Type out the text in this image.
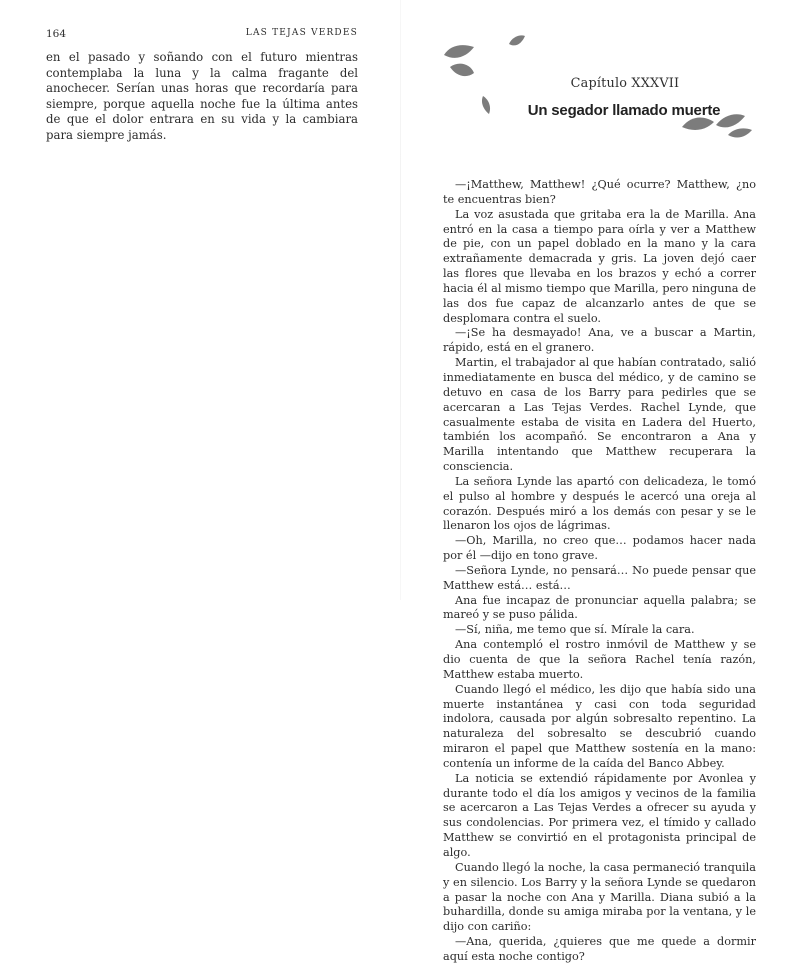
164	LAS TEJAS VERDES

en el pasado y soñando con el futuro mientras contemplaba la luna y la calma fragante del anochecer. Serían unas horas que recordaría para siempre, porque aquella noche fue la última antes de que el dolor entrara en su vida y la cambiara para siempre jamás.

Capítulo XXXVII
Un segador llamado muerte

—¡Matthew, Matthew! ¿Qué ocurre? Matthew, ¿no te encuentras bien?

La voz asustada que gritaba era la de Marilla. Ana entró en la casa a tiempo para oírla y ver a Matthew de pie, con un papel doblado en la mano y la cara extrañamente demacrada y gris. La joven dejó caer las flores que llevaba en los brazos y echó a correr hacia él al mismo tiempo que Marilla, pero ninguna de las dos fue capaz de alcanzarlo antes de que se desplomara contra el suelo.

—¡Se ha desmayado! Ana, ve a buscar a Martin, rápido, está en el granero.

Martin, el trabajador al que habían contratado, salió inmediatamente en busca del médico, y de camino se detuvo en casa de los Barry para pedirles que se acercaran a Las Tejas Verdes. Rachel Lynde, que casualmente estaba de visita en Ladera del Huerto, también los acompañó. Se encontraron a Ana y Marilla intentando que Matthew recuperara la consciencia.

La señora Lynde las apartó con delicadeza, le tomó el pulso al hombre y después le acercó una oreja al corazón. Después miró a los demás con pesar y se le llenaron los ojos de lágrimas.

—Oh, Marilla, no creo que… podamos hacer nada por él —dijo en tono grave.

—Señora Lynde, no pensará… No puede pensar que Matthew está… está…

Ana fue incapaz de pronunciar aquella palabra; se mareó y se puso pálida.

—Sí, niña, me temo que sí. Mírale la cara.

Ana contempló el rostro inmóvil de Matthew y se dio cuenta de que la señora Rachel tenía razón, Matthew estaba muerto.

Cuando llegó el médico, les dijo que había sido una muerte instantánea y casi con toda seguridad indolora, causada por algún sobresalto repentino. La naturaleza del sobresalto se descubrió cuando miraron el papel que Matthew sostenía en la mano: contenía un informe de la caída del Banco Abbey.

La noticia se extendió rápidamente por Avonlea y durante todo el día los amigos y vecinos de la familia se acercaron a Las Tejas Verdes a ofrecer su ayuda y sus condolencias. Por primera vez, el tímido y callado Matthew se convirtió en el protagonista principal de algo.

Cuando llegó la noche, la casa permaneció tranquila y en silencio. Los Barry y la señora Lynde se quedaron a pasar la noche con Ana y Marilla. Diana subió a la buhardilla, donde su amiga miraba por la ventana, y le dijo con cariño:

—Ana, querida, ¿quieres que me quede a dormir aquí esta noche contigo?
